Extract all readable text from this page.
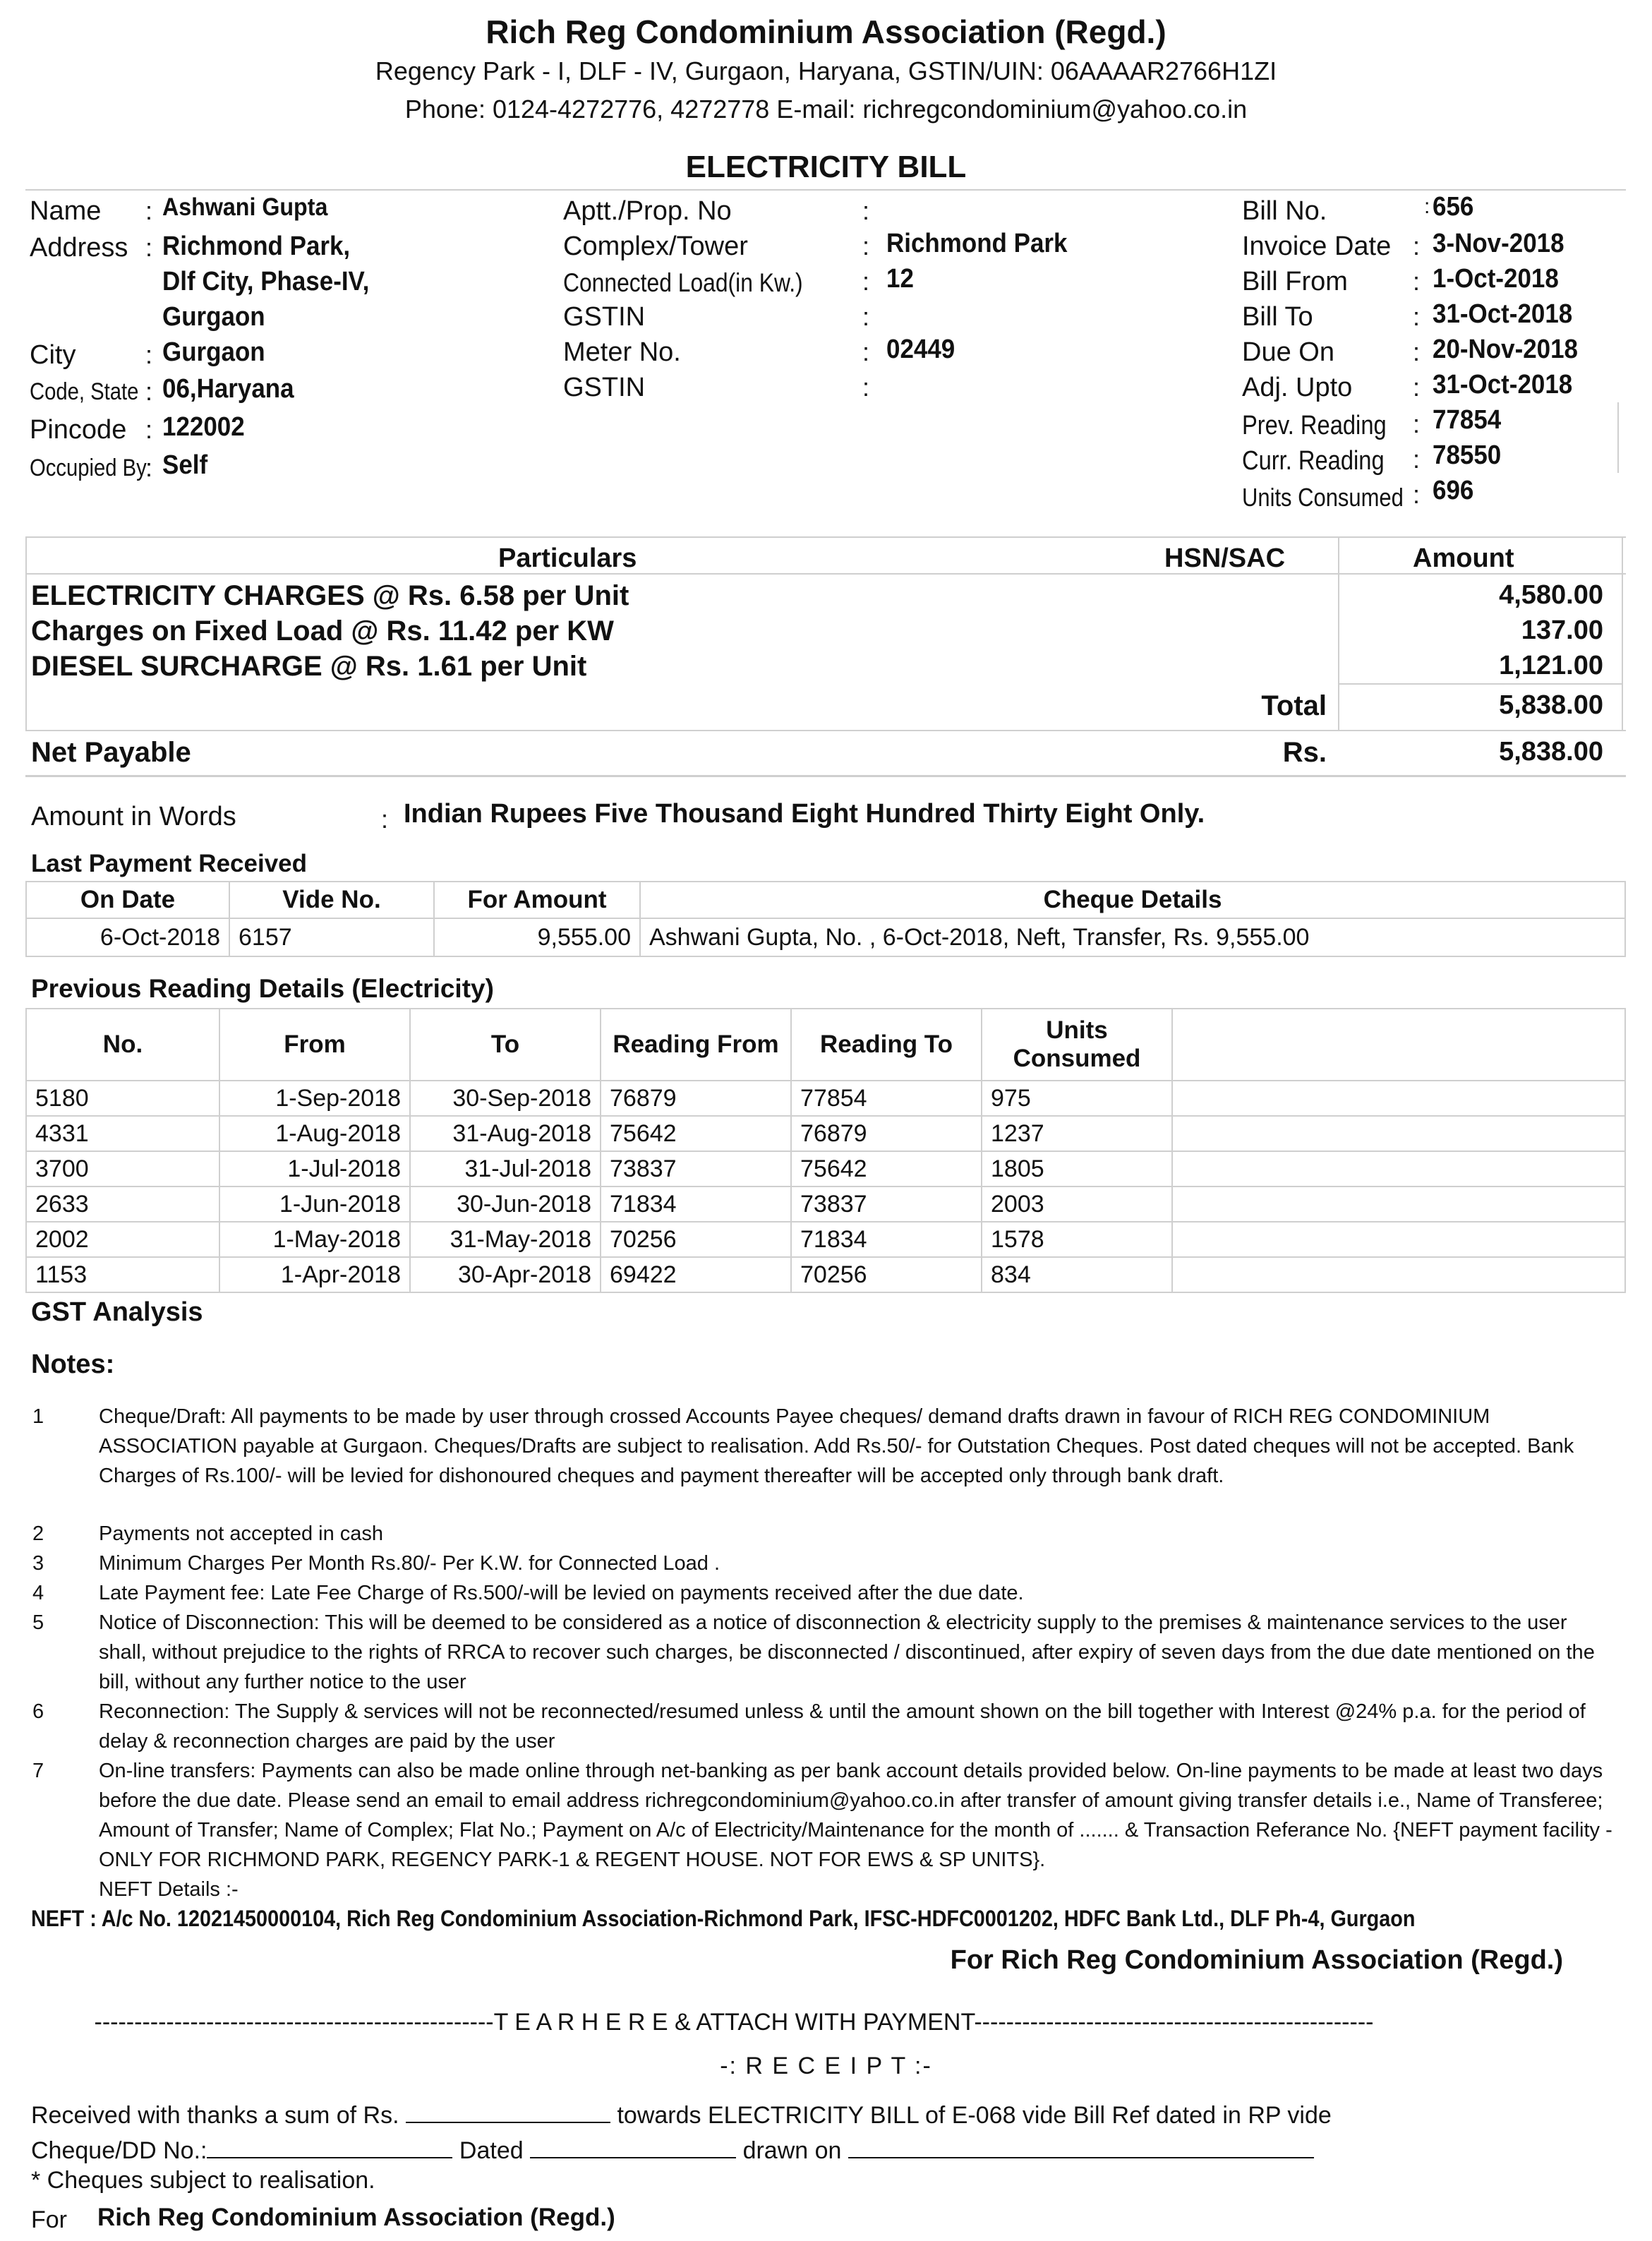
Rich Reg Condominium Association (Regd.)
Regency Park - I, DLF - IV, Gurgaon, Haryana, GSTIN/UIN: 06AAAAR2766H1ZI
Phone: 0124-4272776, 4272778 E-mail: richregcondominium@yahoo.co.in
ELECTRICITY BILL
Name : Ashwani Gupta
Address : Richmond Park,
Dlf City, Phase-IV,
Gurgaon
City	: Gurgaon
Code, State : 06,Haryana
Pincode : 122002
Occupied By
: Self
Aptt./Prop. No	:
Complex/Tower	: Richmond Park
Connected Load(in Kw.) : 12
GSTIN	:
Meter No.	: 02449
GSTIN	:
Bill No.	: 656
Invoice Date : 3-Nov-2018
Bill From	: 1-Oct-2018
Bill To	: 31-Oct-2018
Due On	: 20-Nov-2018
Adj. Upto : 31-Oct-2018
Prev. Reading : 77854
Curr. Reading : 78550
Units Consumed : 696
Particulars	HSN/SAC	Amount
ELECTRICITY CHARGES @ Rs. 6.58 per Unit	4,580.00
Charges on Fixed Load @ Rs. 11.42 per KW	137.00
DIESEL SURCHARGE @ Rs. 1.61 per Unit	1,121.00
Total	5,838.00
Net Payable	Rs.	5,838.00
Amount in Words	: Indian Rupees Five Thousand Eight Hundred Thirty Eight Only.
Last Payment Received
On Date	Vide No.	For Amount	Cheque Details
6-Oct-2018	6157	9,555.00	Ashwani Gupta, No. , 6-Oct-2018, Neft, Transfer, Rs. 9,555.00
Previous Reading Details (Electricity)
No.	From	To	Reading From	Reading To	Units Consumed	
5180	1-Sep-2018	30-Sep-2018	76879	77854	975	
4331	1-Aug-2018	31-Aug-2018	75642	76879	1237	
3700	1-Jul-2018	31-Jul-2018	73837	75642	1805	
2633	1-Jun-2018	30-Jun-2018	71834	73837	2003	
2002	1-May-2018	31-May-2018	70256	71834	1578	
1153	1-Apr-2018	30-Apr-2018	69422	70256	834	
GST Analysis
Notes:
1	Cheque/Draft: All payments to be made by user through crossed Accounts Payee cheques/ demand drafts drawn in favour of RICH REG CONDOMINIUM ASSOCIATION payable at Gurgaon. Cheques/Drafts are subject to realisation. Add Rs.50/- for Outstation Cheques. Post dated cheques will not be accepted. Bank Charges of Rs.100/- will be levied for dishonoured cheques and payment thereafter will be accepted only through bank draft.
2	Payments not accepted in cash
3	Minimum Charges Per Month Rs.80/- Per K.W. for Connected Load .
4	Late Payment fee: Late Fee Charge of Rs.500/-will be levied on payments received after the due date.
5	Notice of Disconnection: This will be deemed to be considered as a notice of disconnection & electricity supply to the premises & maintenance services to the user shall, without prejudice to the rights of RRCA to recover such charges, be disconnected / discontinued, after expiry of seven days from the due date mentioned on the bill, without any further notice to the user
6	Reconnection: The Supply & services will not be reconnected/resumed unless & until the amount shown on the bill together with Interest @24% p.a. for the period of delay & reconnection charges are paid by the user
7	On-line transfers: Payments can also be made online through net-banking as per bank account details provided below. On-line payments to be made at least two days before the due date. Please send an email to email address richregcondominium@yahoo.co.in after transfer of amount giving transfer details i.e., Name of Transferee; Amount of Transfer; Name of Complex; Flat No.; Payment on A/c of Electricity/Maintenance for the month of ....... & Transaction Referance No. {NEFT payment facility - ONLY FOR RICHMOND PARK, REGENCY PARK-1 & REGENT HOUSE. NOT FOR EWS & SP UNITS}.
NEFT Details :-
NEFT : A/c No. 12021450000104, Rich Reg Condominium Association-Richmond Park, IFSC-HDFC0001202, HDFC Bank Ltd., DLF Ph-4, Gurgaon
For Rich Reg Condominium Association (Regd.)
--------------------------------------------------T E A R H E R E & ATTACH WITH PAYMENT--------------------------------------------------
-: R E C E I P T :-
Received with thanks a sum of Rs.	towards ELECTRICITY BILL of E-068 vide Bill Ref dated in RP vide
Cheque/DD No.:	Dated	drawn on
* Cheques subject to realisation.
For Rich Reg Condominium Association (Regd.)
